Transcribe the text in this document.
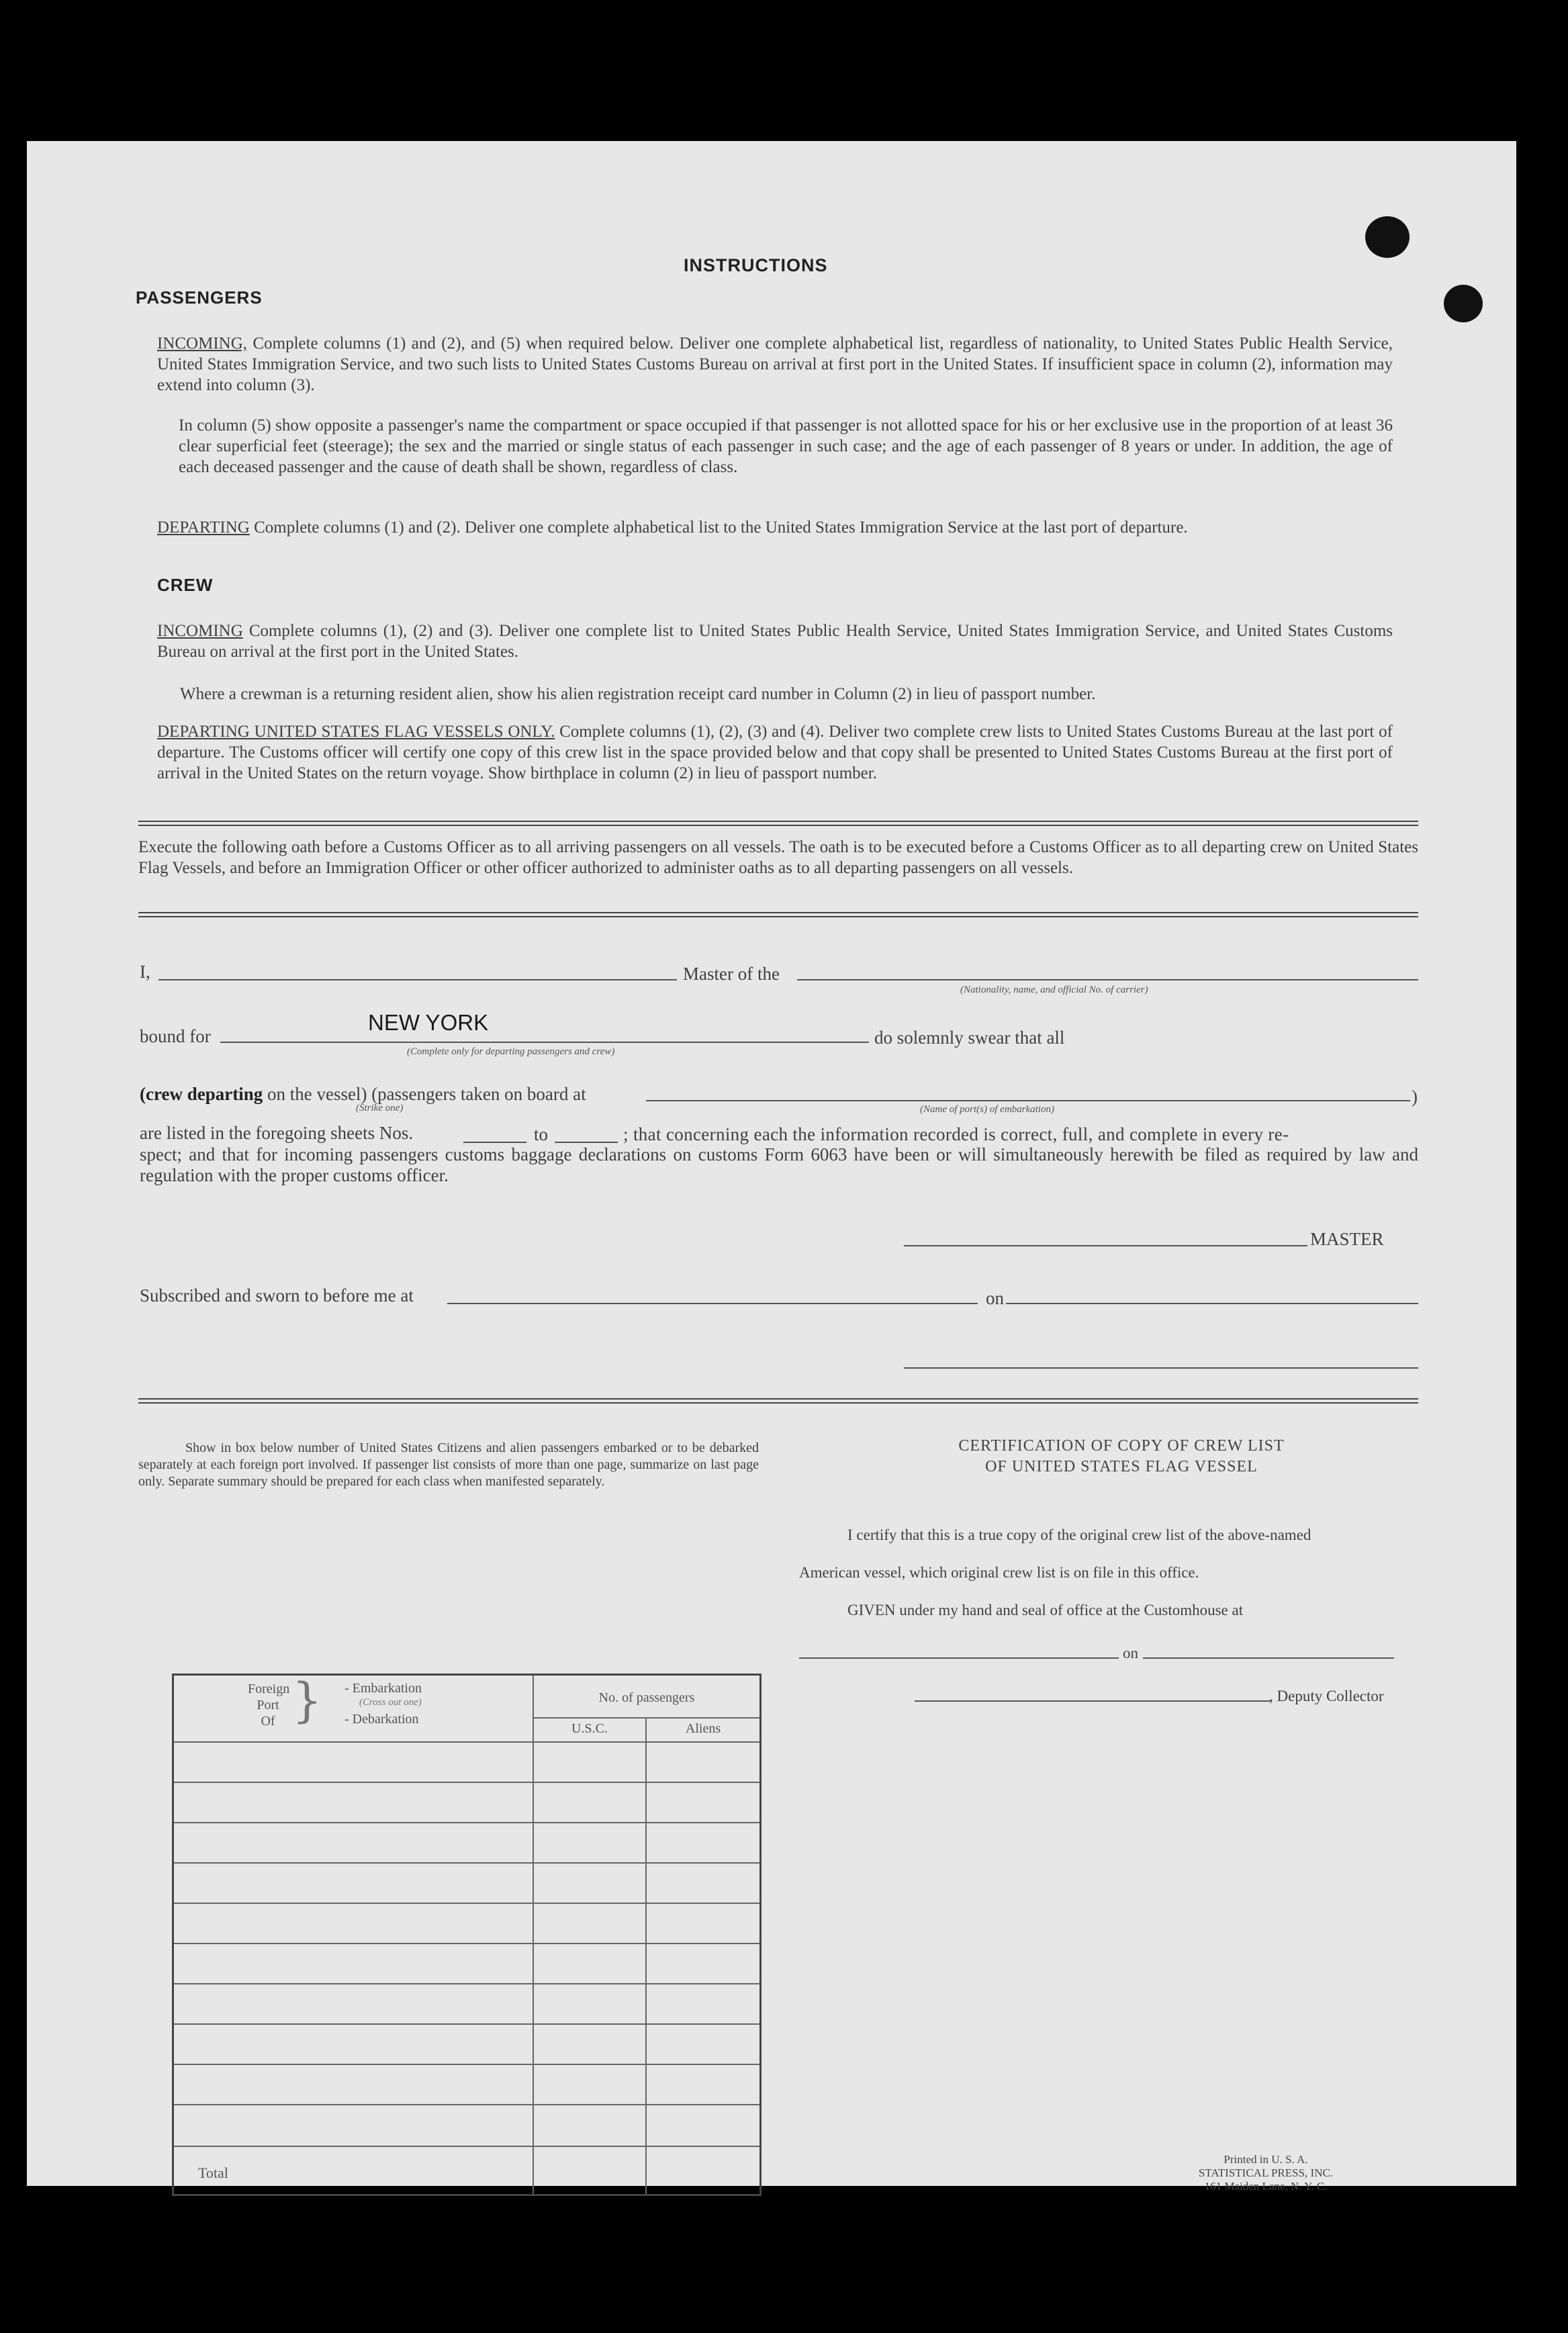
INSTRUCTIONS
PASSENGERS
INCOMING, Complete columns (1) and (2), and (5) when required below. Deliver one complete alphabetical list, regardless of nationality, to United States Public Health Service, United States Immigration Service, and two such lists to United States Customs Bureau on arrival at first port in the United States. If insufficient space in column (2), information may extend into column (3).
In column (5) show opposite a passenger's name the compartment or space occupied if that passenger is not allotted space for his or her exclusive use in the proportion of at least 36 clear superficial feet (steerage); the sex and the married or single status of each passenger in such case; and the age of each passenger of 8 years or under. In addition, the age of each deceased passenger and the cause of death shall be shown, regardless of class.
DEPARTING Complete columns (1) and (2). Deliver one complete alphabetical list to the United States Immigration Service at the last port of departure.
CREW
INCOMING Complete columns (1), (2) and (3). Deliver one complete list to United States Public Health Service, United States Immigration Service, and United States Customs Bureau on arrival at the first port in the United States.
Where a crewman is a returning resident alien, show his alien registration receipt card number in Column (2) in lieu of passport number.
DEPARTING UNITED STATES FLAG VESSELS ONLY. Complete columns (1), (2), (3) and (4). Deliver two complete crew lists to United States Customs Bureau at the last port of departure. The Customs officer will certify one copy of this crew list in the space provided below and that copy shall be presented to United States Customs Bureau at the first port of arrival in the United States on the return voyage. Show birthplace in column (2) in lieu of passport number.
Execute the following oath before a Customs Officer as to all arriving passengers on all vessels. The oath is to be executed before a Customs Officer as to all departing crew on United States Flag Vessels, and before an Immigration Officer or other officer authorized to administer oaths as to all departing passengers on all vessels.
I,	Master of the
(Nationality, name, and official No. of carrier)
bound for
NEW YORK
(Complete only for departing passengers and crew)
do solemnly swear that all
(crew departing on the vessel) (passengers taken on board at	)
(Strike one)	(Name of port(s) of embarkation)
are listed in the foregoing sheets Nos.	to	; that concerning each the information recorded is correct, full, and complete in every re-
spect; and that for incoming passengers customs baggage declarations on customs Form 6063 have been or will simultaneously herewith be filed as required by law and regulation with the proper customs officer.
MASTER
Subscribed and sworn to before me at	on
Show in box below number of United States Citizens and alien passengers embarked or to be debarked separately at each foreign port involved. If passenger list consists of more than one page, summarize on last page only. Separate summary should be prepared for each class when manifested separately.
Foreign
Port
Of } - Embarkation
(Cross out one)
- Debarkation
No. of passengers
U.S.C.	Aliens
Total
CERTIFICATION OF COPY OF CREW LIST
OF UNITED STATES FLAG VESSEL
I certify that this is a true copy of the original crew list of the above-named
American vessel, which original crew list is on file in this office.
GIVEN under my hand and seal of office at the Customhouse at
on
, Deputy Collector
Printed in U. S. A.
STATISTICAL PRESS, INC.
161 Maiden Lane, N. Y. C.
